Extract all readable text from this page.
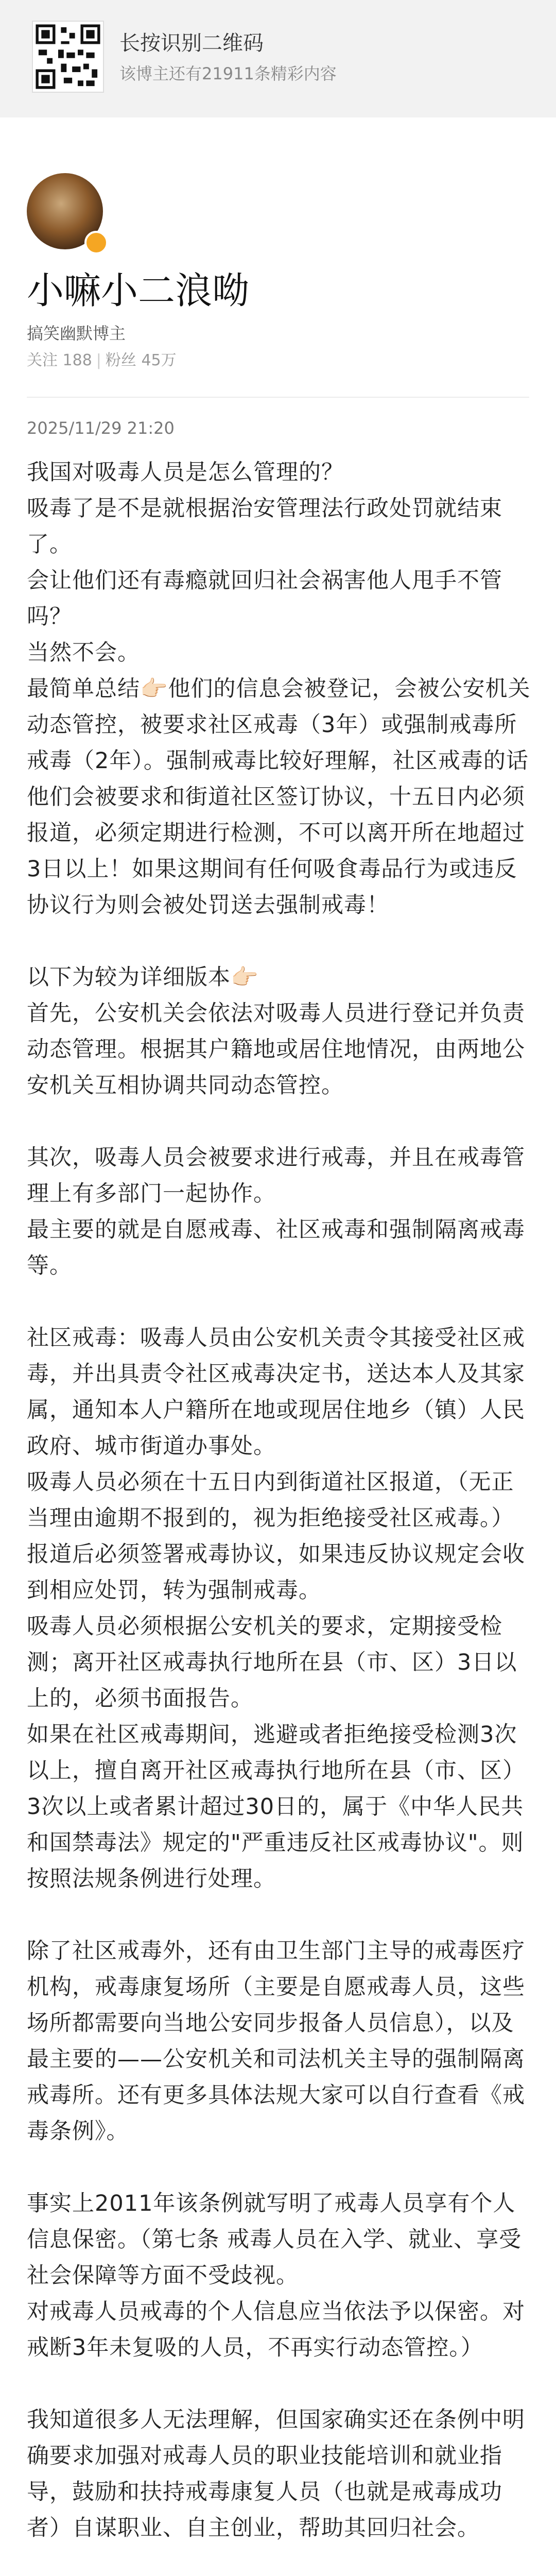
长按识别二维码
该博主还有21911条精彩内容
小嘛小二浪呦
搞笑幽默博主
关注 188 | 粉丝 45万
2025/11/29 21:20

我国对吸毒人员是怎么管理的？

吸毒了是不是就根据治安管理法行政处罚就结束了。

会让他们还有毒瘾就回归社会祸害他人甩手不管吗？

当然不会。

最简单总结👉🏻他们的信息会被登记，会被公安机关动态管控，被要求社区戒毒（3年）或强制戒毒所戒毒（2年）。强制戒毒比较好理解，社区戒毒的话他们会被要求和街道社区签订协议，十五日内必须报道，必须定期进行检测，不可以离开所在地超过3日以上！如果这期间有任何吸食毒品行为或违反协议行为则会被处罚送去强制戒毒！

以下为较为详细版本👉🏻

首先，公安机关会依法对吸毒人员进行登记并负责动态管理。根据其户籍地或居住地情况，由两地公安机关互相协调共同动态管控。

其次，吸毒人员会被要求进行戒毒，并且在戒毒管理上有多部门一起协作。

最主要的就是自愿戒毒、社区戒毒和强制隔离戒毒等。

社区戒毒：吸毒人员由公安机关责令其接受社区戒毒，并出具责令社区戒毒决定书，送达本人及其家属，通知本人户籍所在地或现居住地乡（镇）人民政府、城市街道办事处。

吸毒人员必须在十五日内到街道社区报道，（无正当理由逾期不报到的，视为拒绝接受社区戒毒。）

报道后必须签署戒毒协议，如果违反协议规定会收到相应处罚，转为强制戒毒。

吸毒人员必须根据公安机关的要求，定期接受检测；离开社区戒毒执行地所在县（市、区）3日以上的，必须书面报告。

如果在社区戒毒期间，逃避或者拒绝接受检测3次以上，擅自离开社区戒毒执行地所在县（市、区）3次以上或者累计超过30日的，属于《中华人民共和国禁毒法》规定的"严重违反社区戒毒协议"。则按照法规条例进行处理。

除了社区戒毒外，还有由卫生部门主导的戒毒医疗机构，戒毒康复场所（主要是自愿戒毒人员，这些场所都需要向当地公安同步报备人员信息），以及最主要的——公安机关和司法机关主导的强制隔离戒毒所。还有更多具体法规大家可以自行查看《戒毒条例》。

事实上2011年该条例就写明了戒毒人员享有个人信息保密。（第七条 戒毒人员在入学、就业、享受社会保障等方面不受歧视。

对戒毒人员戒毒的个人信息应当依法予以保密。对戒断3年未复吸的人员，不再实行动态管控。）

我知道很多人无法理解，但国家确实还在条例中明确要求加强对戒毒人员的职业技能培训和就业指导，鼓励和扶持戒毒康复人员（也就是戒毒成功者）自谋职业、自主创业，帮助其回归社会。
